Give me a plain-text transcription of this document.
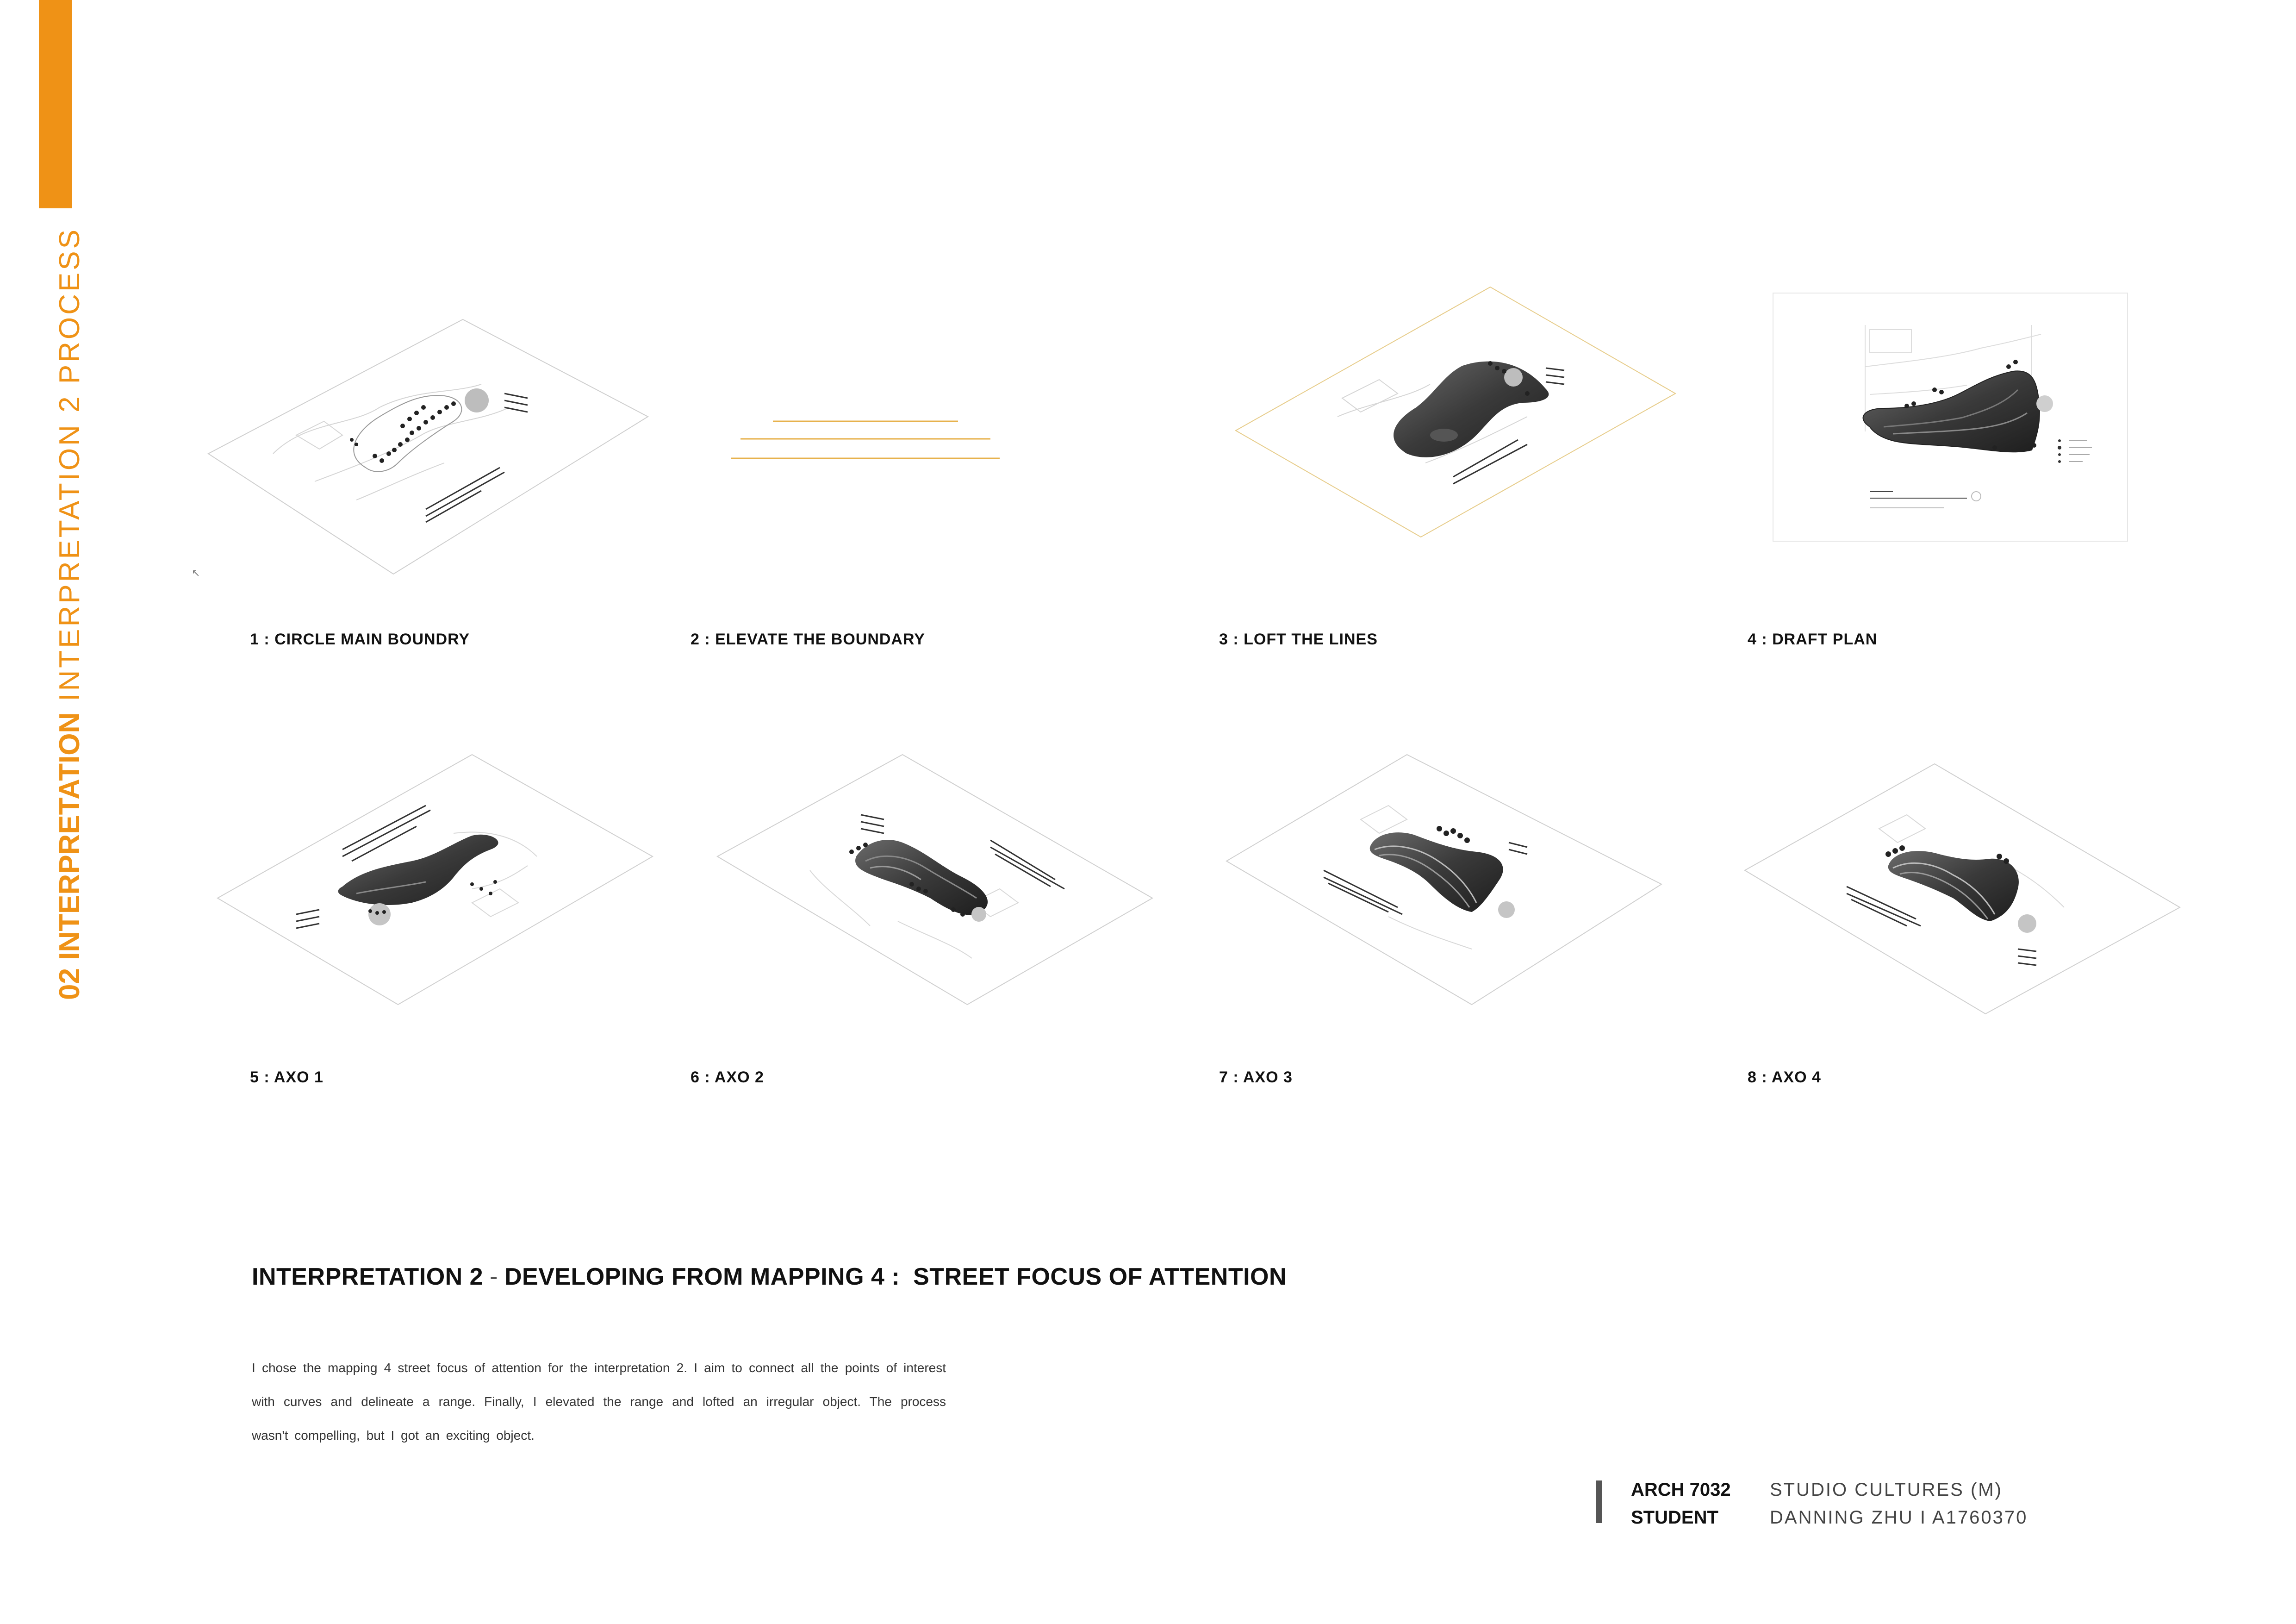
02 INTERPRETATIONINTERPRETATION 2 PROCESS	↖
1 : CIRCLE MAIN BOUNDRY	2 : ELEVATE THE BOUNDARY	3 : LOFT THE LINES	4 : DRAFT PLAN
5 : AXO 1	6 : AXO 2	7 : AXO 3	8 : AXO 4
INTERPRETATION 2 - DEVELOPING FROM MAPPING 4 : STREET FOCUS OF ATTENTION
I chose the mapping 4 street focus of attention for the interpretation 2. I aim to connect all the points of interest with curves and delineate a range. Finally, I elevated the range and lofted an irregular object. The process wasn't compelling, but I got an exciting object.
ARCH 7032 STUDIO CULTURES (M)
STUDENT	DANNING ZHU I A1760370
